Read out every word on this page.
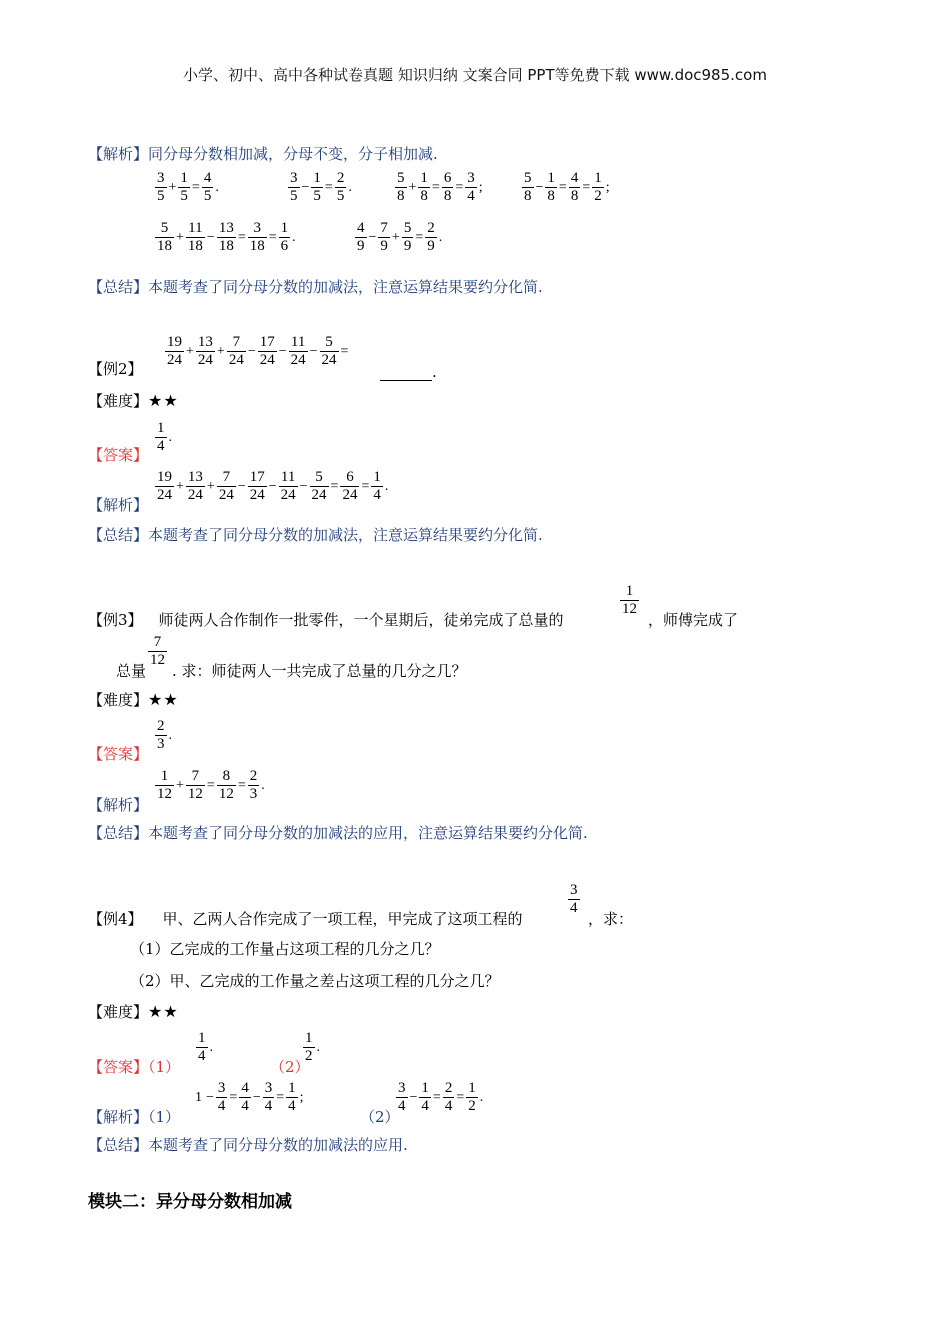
小学、初中、高中各种试卷真题 知识归纳 文案合同 PPT等免费下载 www.doc985.com
【解析】同分母分数相加减，分母不变，分子相加减.
$\frac{3}{5} + \frac{1}{5} = \frac{4}{5}$ .	$\frac{3}{5} - \frac{1}{5} = \frac{2}{5}$ .	$\frac{5}{8} + \frac{1}{8} = \frac{6}{8} = \frac{3}{4}$ ;	$\frac{5}{8} - \frac{1}{8} = \frac{4}{8} = \frac{1}{2}$ ;
$\frac{5}{18} + \frac{11}{18} - \frac{13}{18} = \frac{3}{18} = \frac{1}{6}$ .	$\frac{4}{9} - \frac{7}{9} + \frac{5}{9} = \frac{2}{9}$ .
【总结】本题考查了同分母分数的加减法，注意运算结果要约分化简.
【例2】 $\frac{19}{24} + \frac{13}{24} + \frac{7}{24} - \frac{17}{24} - \frac{11}{24} - \frac{5}{24}$ =
.
【难度】★★
【答案】 $\frac{1}{4}$ .
【解析】
$\frac{19}{24} + \frac{13}{24} + \frac{7}{24} - \frac{17}{24} - \frac{11}{24} - \frac{5}{24} = \frac{6}{24} = \frac{1}{4}$ .
【总结】本题考查了同分母分数的加减法，注意运算结果要约分化简.
【例3】 师徒两人合作制作一批零件，一个星期后，徒弟完成了总量的
$\frac{1}{12}$
，师傅完成了
总量
$\frac{7}{12}$
. 求：师徒两人一共完成了总量的几分之几？
【难度】★★
【答案】
$\frac{2}{3}$ .
【解析】
$\frac{1}{12} + \frac{7}{12} = \frac{8}{12} = \frac{2}{3}$ .
【总结】本题考查了同分母分数的加减法的应用，注意运算结果要约分化简.
【例4】 甲、乙两人合作完成了一项工程，甲完成了这项工程的
$\frac{3}{4}$
，求：
（1）乙完成的工作量占这项工程的几分之几？
（2）甲、乙完成的工作量之差占这项工程的几分之几？
【难度】★★
【答案】（1）
$\frac{1}{4}$ .
（2）
$\frac{1}{2}$ .
【解析】（1）
$1 - \frac{3}{4} = \frac{4}{4} - \frac{3}{4} = \frac{1}{4}$ ;
（2）
$\frac{3}{4} - \frac{1}{4} = \frac{2}{4} = \frac{1}{2}$ .
【总结】本题考查了同分母分数的加减法的应用.
模块二：异分母分数相加减
